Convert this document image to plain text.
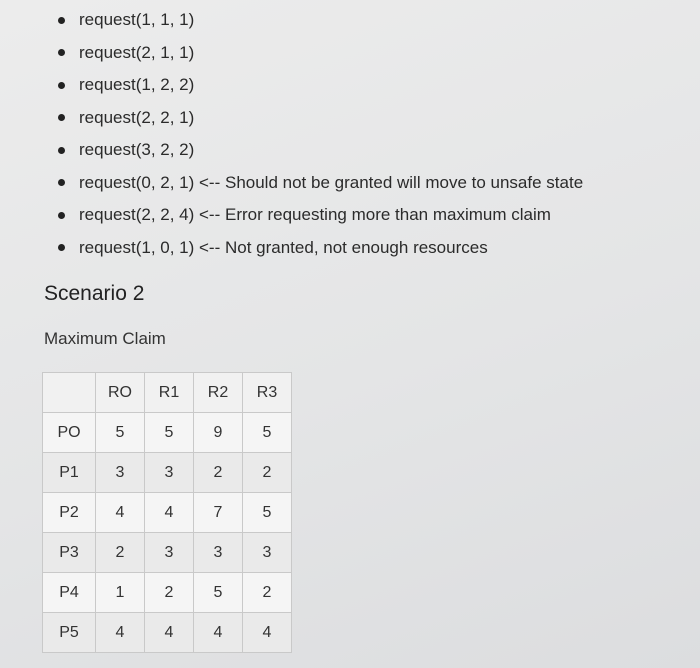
request(1, 1, 1)
request(2, 1, 1)
request(1, 2, 2)
request(2, 2, 1)
request(3, 2, 2)
request(0, 2, 1) <-- Should not be granted will move to unsafe state
request(2, 2, 4) <-- Error requesting more than maximum claim
request(1, 0, 1) <-- Not granted, not enough resources
Scenario 2
Maximum Claim
	RO	R1	R2	R3
PO	5	5	9	5
P1	3	3	2	2
P2	4	4	7	5
P3	2	3	3	3
P4	1	2	5	2
P5	4	4	4	4
